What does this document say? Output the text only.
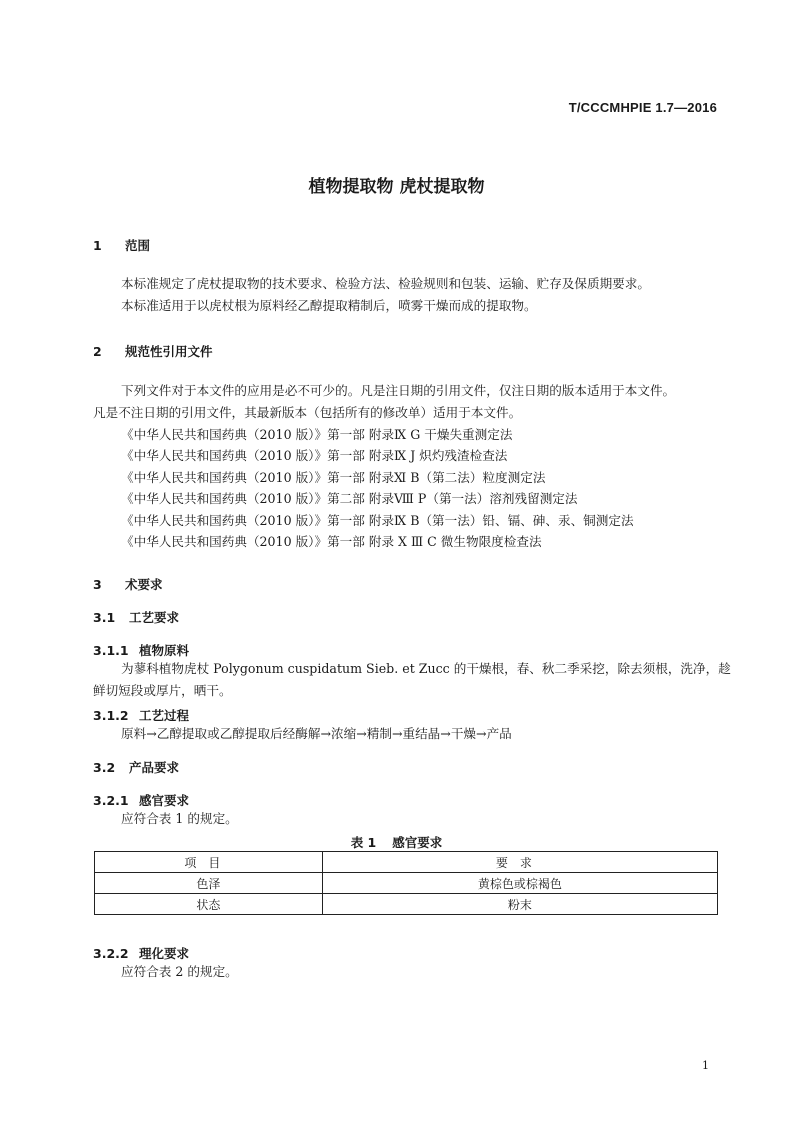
T/CCCMHPIE 1.7—2016
植物提取物 虎杖提取物
1 范围
本标准规定了虎杖提取物的技术要求、检验方法、检验规则和包装、运输、贮存及保质期要求。
本标准适用于以虎杖根为原料经乙醇提取精制后，喷雾干燥而成的提取物。
2 规范性引用文件
下列文件对于本文件的应用是必不可少的。凡是注日期的引用文件，仅注日期的版本适用于本文件。
凡是不注日期的引用文件，其最新版本（包括所有的修改单）适用于本文件。
《中华人民共和国药典（2010 版）》第一部 附录Ⅸ G 干燥失重测定法
《中华人民共和国药典（2010 版）》第一部 附录Ⅸ J 炽灼残渣检查法
《中华人民共和国药典（2010 版）》第一部 附录Ⅺ B（第二法）粒度测定法
《中华人民共和国药典（2010 版）》第二部 附录Ⅷ P（第一法）溶剂残留测定法
《中华人民共和国药典（2010 版）》第一部 附录Ⅸ B（第一法）铅、镉、砷、汞、铜测定法
《中华人民共和国药典（2010 版）》第一部 附录 X Ⅲ C 微生物限度检查法
3 术要求
3.1 工艺要求
3.1.1 植物原料
为蓼科植物虎杖 Polygonum cuspidatum Sieb. et Zucc 的干燥根，春、秋二季采挖，除去须根，洗净，趁
鲜切短段或厚片，晒干。
3.1.2 工艺过程
原料→乙醇提取或乙醇提取后经酶解→浓缩→精制→重结晶→干燥→产品
3.2 产品要求
3.2.1 感官要求
应符合表 1 的规定。
表 1 感官要求
项目	要求
色泽	黄棕色或棕褐色
状态	粉末
3.2.2 理化要求
应符合表 2 的规定。
1
